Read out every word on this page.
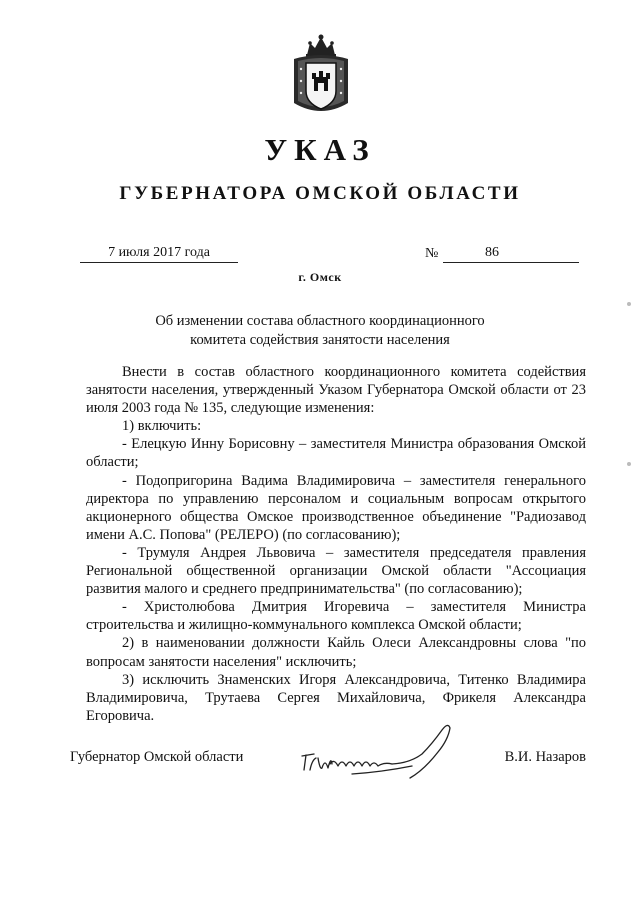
УКАЗ
ГУБЕРНАТОРА ОМСКОЙ ОБЛАСТИ
7 июля 2017 года	№	86
г. Омск
Об изменении состава областного координационного
комитета содействия занятости населения
Внести в состав областного координационного комитета содействия занятости населения, утвержденный Указом Губернатора Омской области от 23 июля 2003 года № 135, следующие изменения:
1) включить:
- Елецкую Инну Борисовну – заместителя Министра образования Омской области;
- Подопригорина Вадима Владимировича – заместителя генерального директора по управлению персоналом и социальным вопросам открытого акционерного общества Омское производственное объединение "Радиозавод имени А.С. Попова" (РЕЛЕРО) (по согласованию);
- Трумуля Андрея Львовича – заместителя председателя правления Региональной общественной организации Омской области "Ассоциация развития малого и среднего предпринимательства" (по согласованию);
- Христолюбова Дмитрия Игоревича – заместителя Министра строительства и жилищно-коммунального комплекса Омской области;
2) в наименовании должности Кайль Олеси Александровны слова "по вопросам занятости населения" исключить;
3) исключить Знаменских Игоря Александровича, Титенко Владимира Владимировича, Трутаева Сергея Михайловича, Фрикеля Александра Егоровича.
Губернатор Омской области	В.И. Назаров
